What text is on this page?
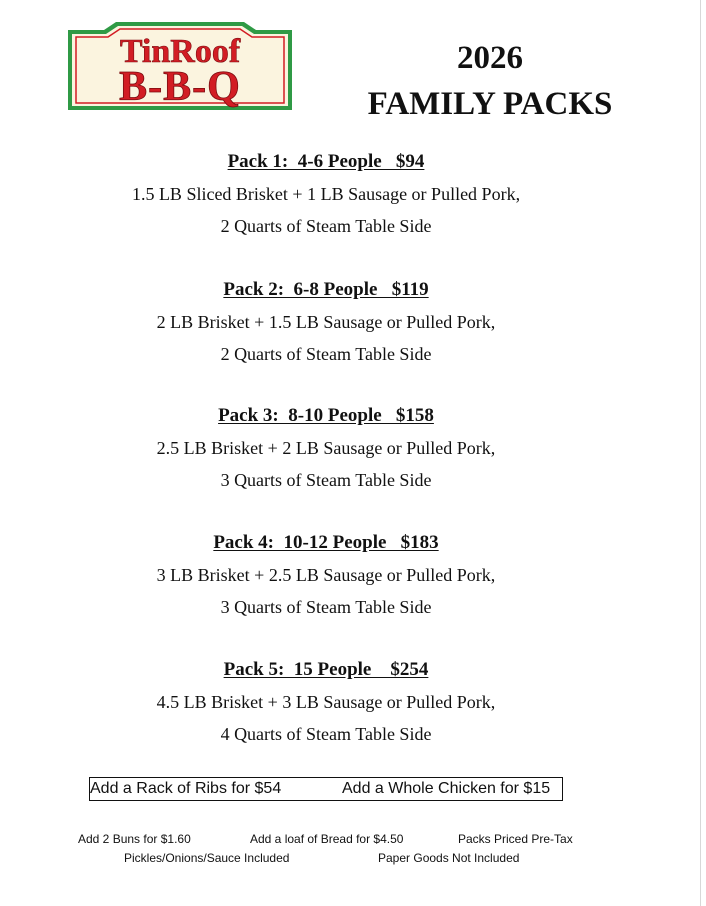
TinRoof
B-B-Q
2026
FAMILY PACKS
Pack 1:  4-6 People   $94
1.5 LB Sliced Brisket + 1 LB Sausage or Pulled Pork,
2 Quarts of Steam Table Side
Pack 2:  6-8 People   $119
2 LB Brisket + 1.5 LB Sausage or Pulled Pork,
2 Quarts of Steam Table Side
Pack 3:  8-10 People   $158
2.5 LB Brisket + 2 LB Sausage or Pulled Pork,
3 Quarts of Steam Table Side
Pack 4:  10-12 People   $183
3 LB Brisket + 2.5 LB Sausage or Pulled Pork,
3 Quarts of Steam Table Side
Pack 5:  15 People    $254
4.5 LB Brisket + 3 LB Sausage or Pulled Pork,
4 Quarts of Steam Table Side
Add a Rack of Ribs for $54	Add a Whole Chicken for $15
Add 2 Buns for $1.60	Add a loaf of Bread for $4.50	Packs Priced Pre-Tax
Pickles/Onions/Sauce Included	Paper Goods Not Included
